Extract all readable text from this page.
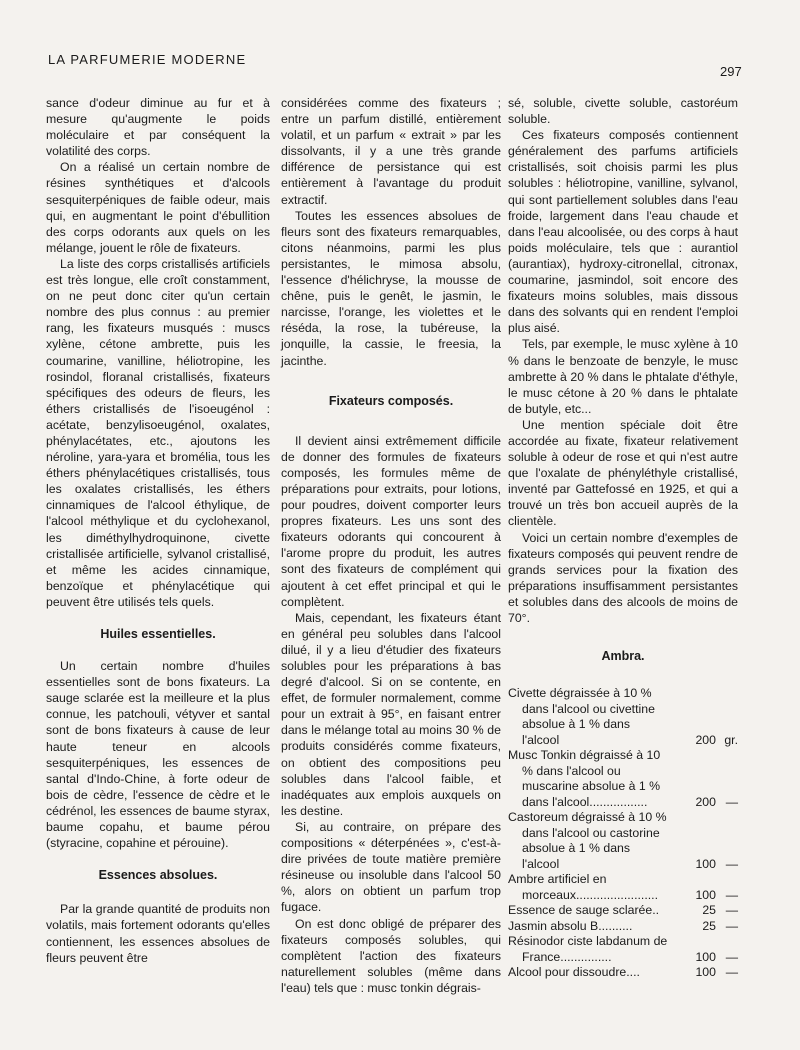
LA PARFUMERIE MODERNE
297

sance d'odeur diminue au fur et à mesure qu'augmente le poids moléculaire et par conséquent la volatilité des corps.

On a réalisé un certain nombre de résines synthétiques et d'alcools sesquiterpéniques de faible odeur, mais qui, en augmentant le point d'ébullition des corps odorants aux quels on les mélange, jouent le rôle de fixateurs.

La liste des corps cristallisés artificiels est très longue, elle croît constamment, on ne peut donc citer qu'un certain nombre des plus connus : au premier rang, les fixateurs musqués : muscs xylène, cétone ambrette, puis les coumarine, vanilline, héliotropine, les rosindol, floranal cristallisés, fixateurs spécifiques des odeurs de fleurs, les éthers cristallisés de l'isoeugénol : acétate, benzylisoeugénol, oxalates, phénylacétates, etc., ajoutons les néroline, yara-yara et bromélia, tous les éthers phénylacétiques cristallisés, tous les oxalates cristallisés, les éthers cinnamiques de l'alcool éthylique, de l'alcool méthylique et du cyclohexanol, les diméthylhydroquinone, civette cristallisée artificielle, sylvanol cristallisé, et même les acides cinnamique, benzoïque et phénylacétique qui peuvent être utilisés tels quels.

Huiles essentielles.

Un certain nombre d'huiles essentielles sont de bons fixateurs. La sauge sclarée est la meilleure et la plus connue, les patchouli, vétyver et santal sont de bons fixateurs à cause de leur haute teneur en alcools sesquiterpéniques, les essences de santal d'Indo-Chine, à forte odeur de bois de cèdre, l'essence de cèdre et le cédrénol, les essences de baume styrax, baume copahu, et baume pérou (styracine, copahine et pérouine).

Essences absolues.

Par la grande quantité de produits non volatils, mais fortement odorants qu'elles contiennent, les essences absolues de fleurs peuvent être

considérées comme des fixateurs ; entre un parfum distillé, entièrement volatil, et un parfum « extrait » par les dissolvants, il y a une très grande différence de persistance qui est entièrement à l'avantage du produit extractif.

Toutes les essences absolues de fleurs sont des fixateurs remarquables, citons néanmoins, parmi les plus persistantes, le mimosa absolu, l'essence d'hélichryse, la mousse de chêne, puis le genêt, le jasmin, le narcisse, l'orange, les violettes et le réséda, la rose, la tubéreuse, la jonquille, la cassie, le freesia, la jacinthe.

Fixateurs composés.

Il devient ainsi extrêmement difficile de donner des formules de fixateurs composés, les formules même de préparations pour extraits, pour lotions, pour poudres, doivent comporter leurs propres fixateurs. Les uns sont des fixateurs odorants qui concourent à l'arome propre du produit, les autres sont des fixateurs de complément qui ajoutent à cet effet principal et qui le complètent.

Mais, cependant, les fixateurs étant en général peu solubles dans l'alcool dilué, il y a lieu d'étudier des fixateurs solubles pour les préparations à bas degré d'alcool. Si on se contente, en effet, de formuler normalement, comme pour un extrait à 95°, en faisant entrer dans le mélange total au moins 30 % de produits considérés comme fixateurs, on obtient des compositions peu solubles dans l'alcool faible, et inadéquates aux emplois auxquels on les destine.

Si, au contraire, on prépare des compositions « déterpénées », c'est-à-dire privées de toute matière première résineuse ou insoluble dans l'alcool 50 %, alors on obtient un parfum trop fugace.

On est donc obligé de préparer des fixateurs composés solubles, qui complètent l'action des fixateurs naturellement solubles (même dans l'eau) tels que : musc tonkin dégrais-

sé, soluble, civette soluble, castoréum soluble.

Ces fixateurs composés contiennent généralement des parfums artificiels cristallisés, soit choisis parmi les plus solubles : héliotropine, vanilline, sylvanol, qui sont partiellement solubles dans l'eau froide, largement dans l'eau chaude et dans l'eau alcoolisée, ou des corps à haut poids moléculaire, tels que : aurantiol (aurantiax), hydroxy-citronellal, citronax, coumarine, jasmindol, soit encore des fixateurs moins solubles, mais dissous dans des solvants qui en rendent l'emploi plus aisé.

Tels, par exemple, le musc xylène à 10 % dans le benzoate de benzyle, le musc ambrette à 20 % dans le phtalate d'éthyle, le musc cétone à 20 % dans le phtalate de butyle, etc...

Une mention spéciale doit être accordée au fixate, fixateur relativement soluble à odeur de rose et qui n'est autre que l'oxalate de phényléthyle cristallisé, inventé par Gattefossé en 1925, et qui a trouvé un très bon accueil auprès de la clientèle.

Voici un certain nombre d'exemples de fixateurs composés qui peuvent rendre de grands services pour la fixation des préparations insuffisamment persistantes et solubles dans des alcools de moins de 70°.

Ambra.
Civette dégraissée à 10 % dans l'alcool ou civettine absolue à 1 % dans l'alcool	200 gr.
Musc Tonkin dégraissé à 10 % dans l'alcool ou muscarine absolue à 1 % dans l'alcool.................	200 —
Castoreum dégraissé à 10 % dans l'alcool ou castorine absolue à 1 % dans l'alcool	100 —
Ambre artificiel en morceaux........................	100 —
Essence de sauge sclarée..	25 —
Jasmin absolu B..........	25 —
Résinodor ciste labdanum de France...............	100 —
Alcool pour dissoudre....	100 —
